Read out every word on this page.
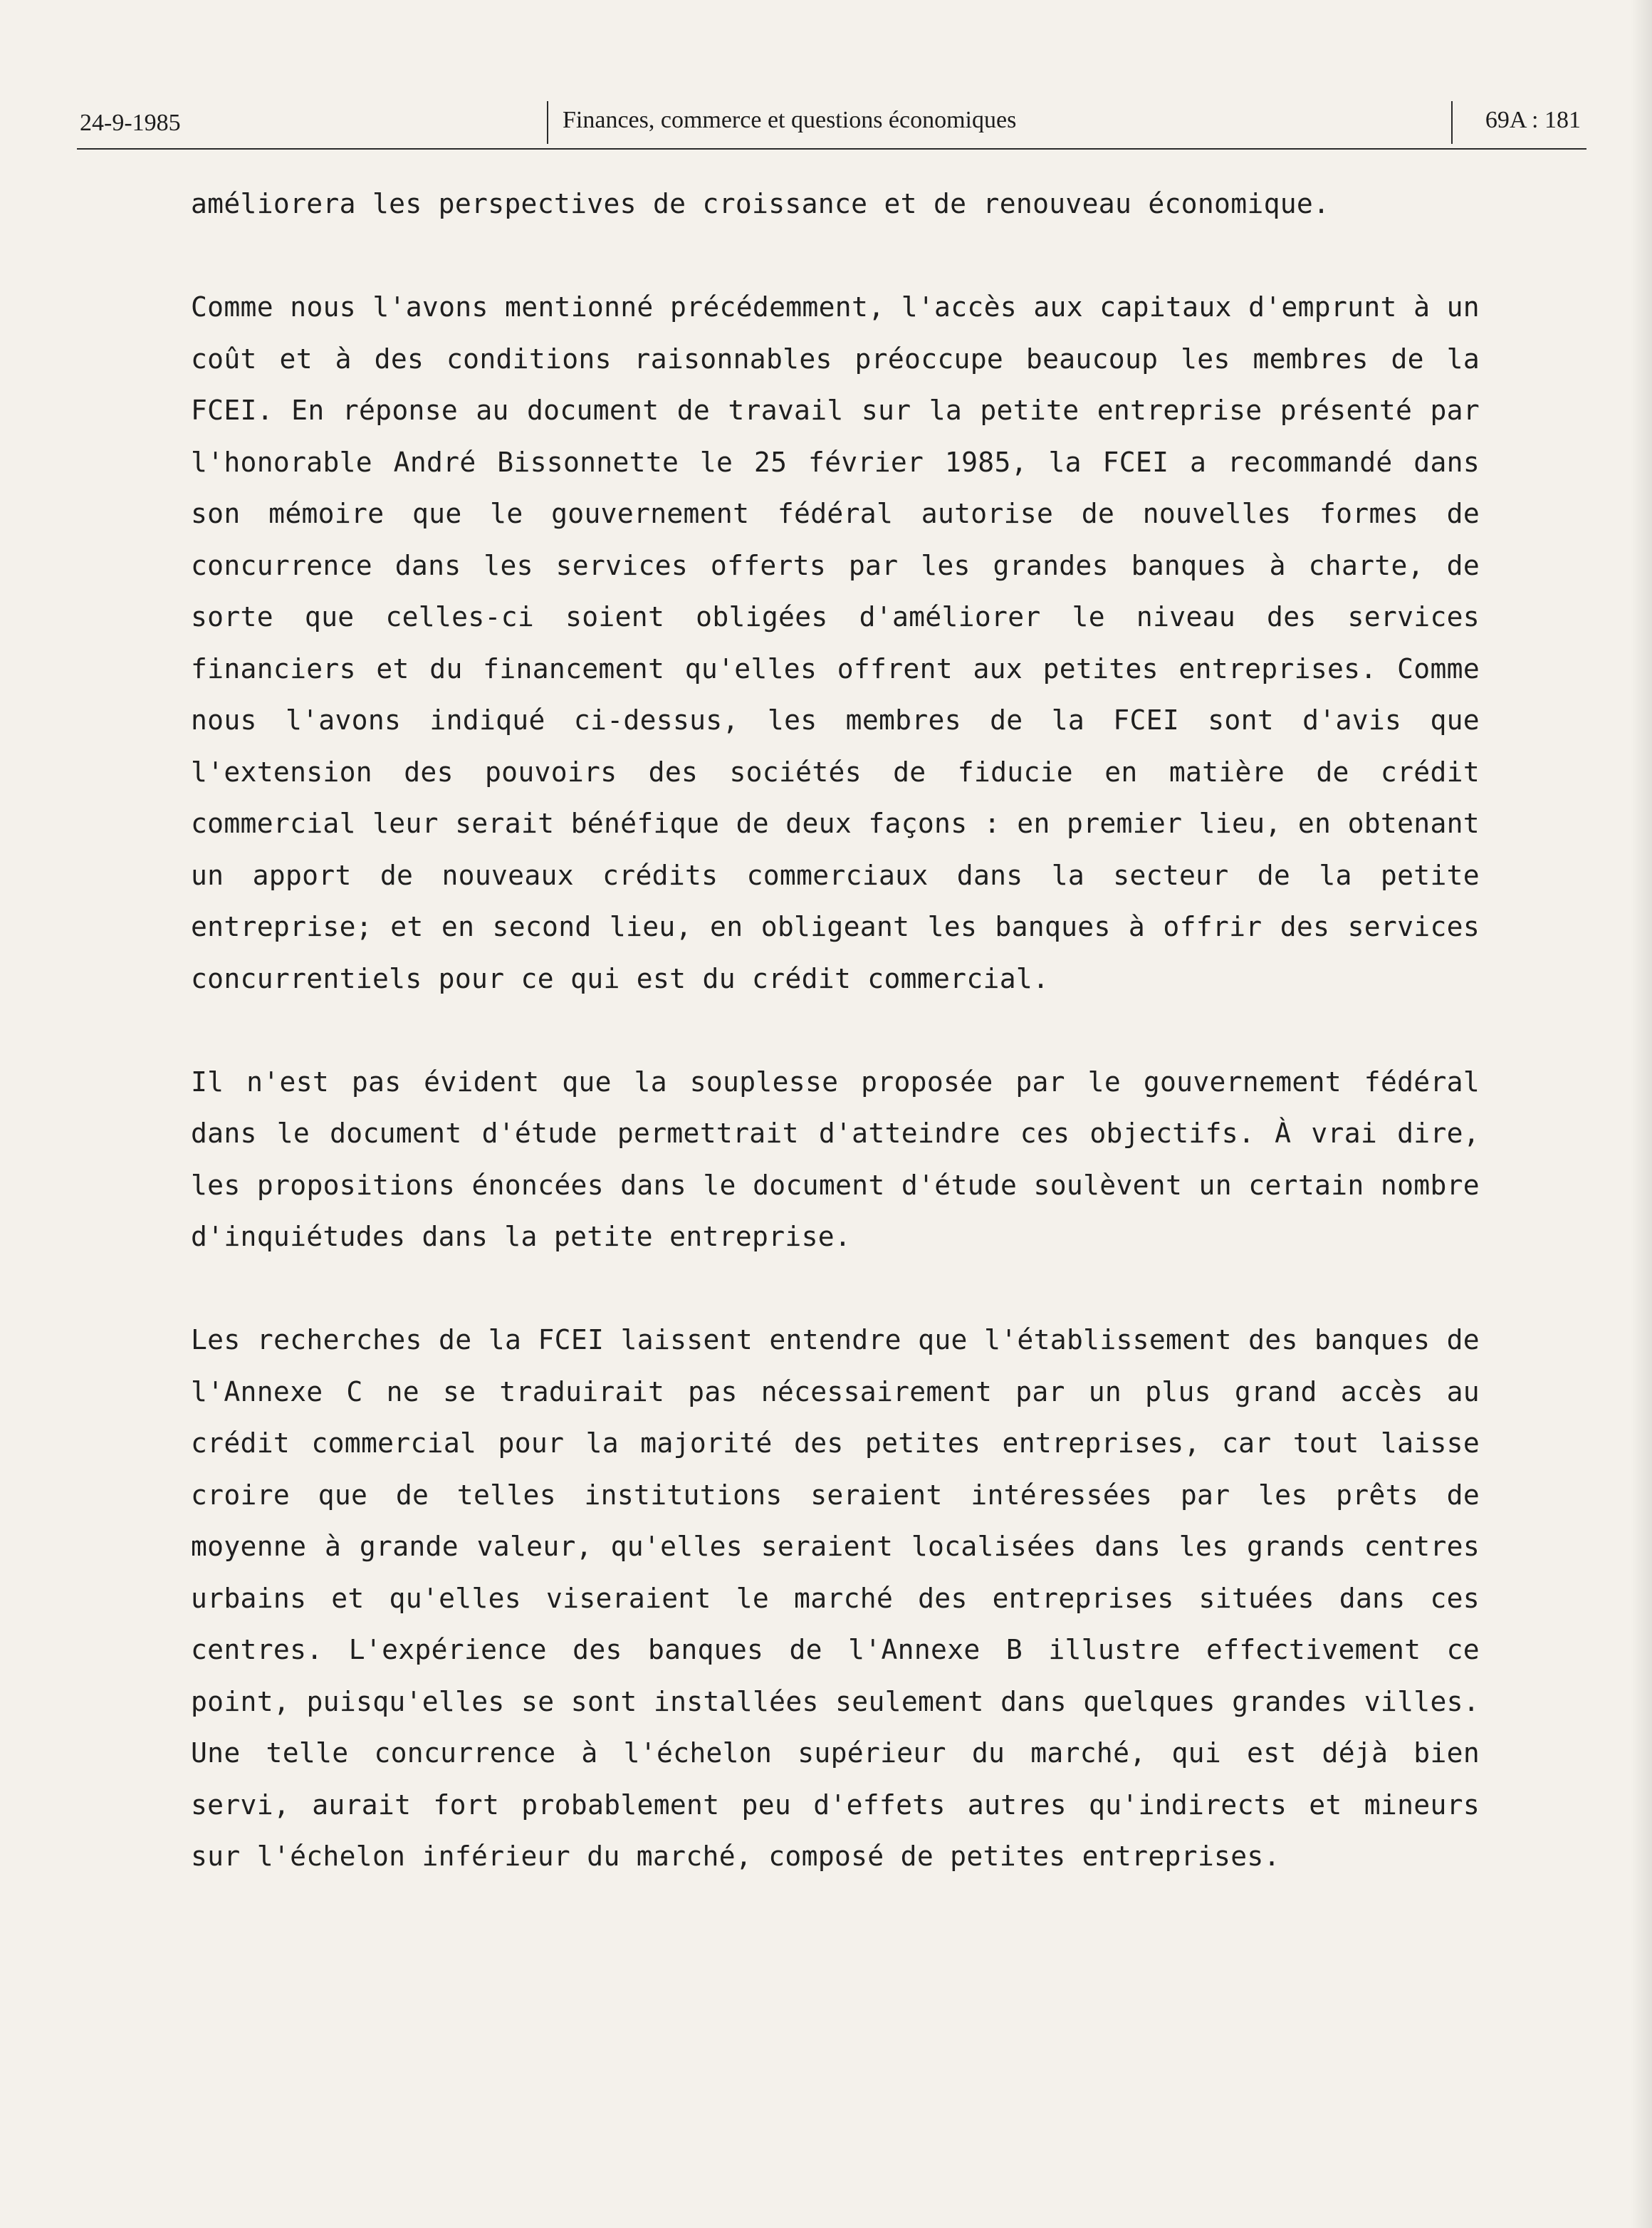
24-9-1985	Finances, commerce et questions économiques	69A : 181

améliorera les perspectives de croissance et de renouveau économique.

Comme nous l'avons mentionné précédemment, l'accès aux capitaux d'emprunt à un coût et à des conditions raisonnables préoccupe beaucoup les membres de la FCEI. En réponse au document de travail sur la petite entreprise présenté par l'honorable André Bissonnette le 25 février 1985, la FCEI a recommandé dans son mémoire que le gouvernement fédéral autorise de nouvelles formes de concurrence dans les services offerts par les grandes banques à charte, de sorte que celles-ci soient obligées d'améliorer le niveau des services financiers et du financement qu'elles offrent aux petites entreprises. Comme nous l'avons indiqué ci-dessus, les membres de la FCEI sont d'avis que l'extension des pouvoirs des sociétés de fiducie en matière de crédit commercial leur serait bénéfique de deux façons : en premier lieu, en obtenant un apport de nouveaux crédits commerciaux dans la secteur de la petite entreprise; et en second lieu, en obligeant les banques à offrir des services concurrentiels pour ce qui est du crédit commercial.

Il n'est pas évident que la souplesse proposée par le gouvernement fédéral dans le document d'étude permettrait d'atteindre ces objectifs. À vrai dire, les propositions énoncées dans le document d'étude soulèvent un certain nombre d'inquiétudes dans la petite entreprise.

Les recherches de la FCEI laissent entendre que l'établissement des banques de l'Annexe C ne se traduirait pas nécessairement par un plus grand accès au crédit commercial pour la majorité des petites entreprises, car tout laisse croire que de telles institutions seraient intéressées par les prêts de moyenne à grande valeur, qu'elles seraient localisées dans les grands centres urbains et qu'elles viseraient le marché des entreprises situées dans ces centres. L'expérience des banques de l'Annexe B illustre effectivement ce point, puisqu'elles se sont installées seulement dans quelques grandes villes. Une telle concurrence à l'échelon supérieur du marché, qui est déjà bien servi, aurait fort probablement peu d'effets autres qu'indirects et mineurs sur l'échelon inférieur du marché, composé de petites entreprises.
